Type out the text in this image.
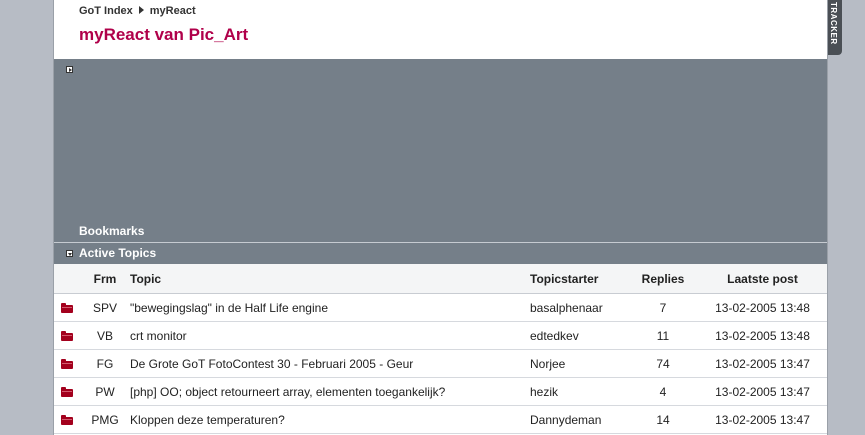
GoT Index myReact
myReact van Pic_Art
Bookmarks
Active Topics
	Frm	Topic	Topicstarter	Replies	Laatste post
	SPV	"bewegingslag" in de Half Life engine	basalphenaar	7	13-02-2005 13:48
	VB	crt monitor	edtedkev	11	13-02-2005 13:48
	FG	De Grote GoT FotoContest 30 - Februari 2005 - Geur	Norjee	74	13-02-2005 13:47
	PW	[php] OO; object retourneert array, elementen toegankelijk?	hezik	4	13-02-2005 13:47
	PMG	Kloppen deze temperaturen?	Dannydeman	14	13-02-2005 13:47
TRACKER
